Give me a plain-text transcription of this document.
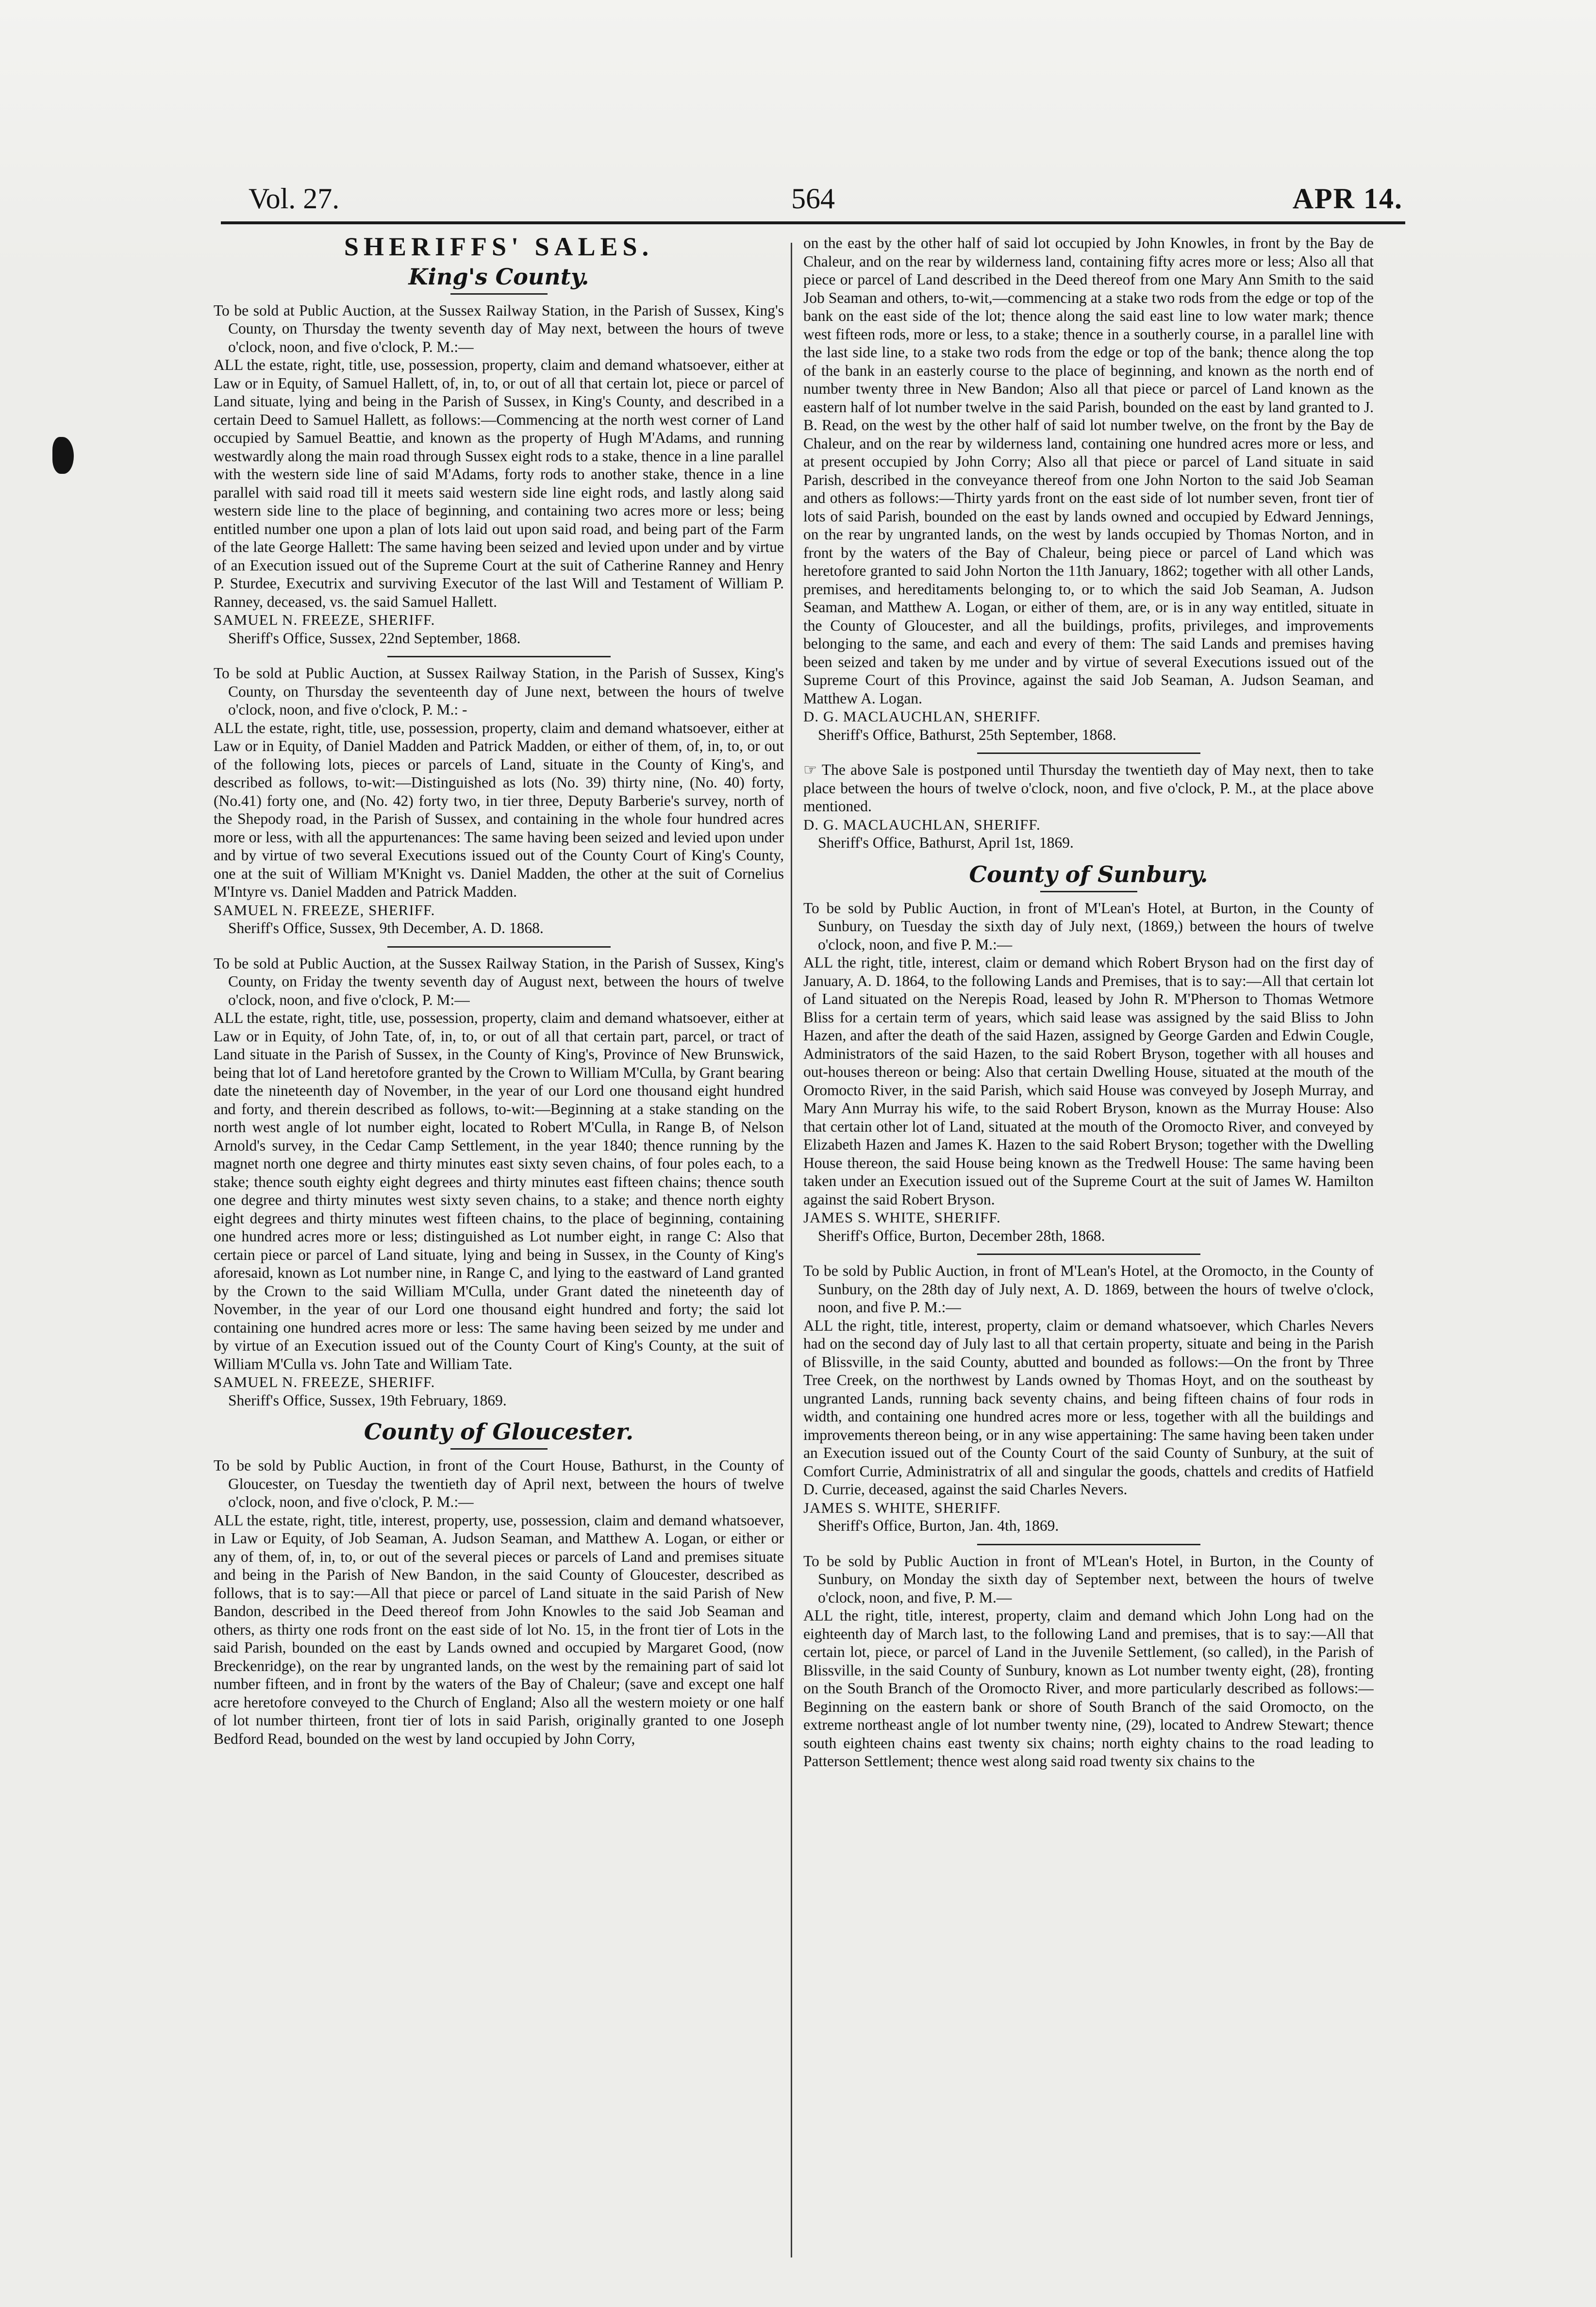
Vol. 27.	564	APR 14.
SHERIFFS' SALES.
King's County.

To be sold at Public Auction, at the Sussex Railway Station, in the Parish of Sussex, King's County, on Thursday the twenty seventh day of May next, between the hours of tweve o'clock, noon, and five o'clock, P. M.:—

ALL the estate, right, title, use, possession, property, claim and demand whatsoever, either at Law or in Equity, of Samuel Hallett, of, in, to, or out of all that certain lot, piece or parcel of Land situate, lying and being in the Parish of Sussex, in King's County, and described in a certain Deed to Samuel Hallett, as follows:—Commencing at the north west corner of Land occupied by Samuel Beattie, and known as the property of Hugh M'Adams, and running westwardly along the main road through Sussex eight rods to a stake, thence in a line parallel with the western side line of said M'Adams, forty rods to another stake, thence in a line parallel with said road till it meets said western side line eight rods, and lastly along said western side line to the place of beginning, and containing two acres more or less; being entitled number one upon a plan of lots laid out upon said road, and being part of the Farm of the late George Hallett: The same having been seized and levied upon under and by virtue of an Execution issued out of the Supreme Court at the suit of Catherine Ranney and Henry P. Sturdee, Executrix and surviving Executor of the last Will and Testament of William P. Ranney, deceased, vs. the said Samuel Hallett.

SAMUEL N. FREEZE, SHERIFF.

Sheriff's Office, Sussex, 22nd September, 1868.

To be sold at Public Auction, at Sussex Railway Station, in the Parish of Sussex, King's County, on Thursday the seventeenth day of June next, between the hours of twelve o'clock, noon, and five o'clock, P. M.: -

ALL the estate, right, title, use, possession, property, claim and demand whatsoever, either at Law or in Equity, of Daniel Madden and Patrick Madden, or either of them, of, in, to, or out of the following lots, pieces or parcels of Land, situate in the County of King's, and described as follows, to-wit:—Distinguished as lots (No. 39) thirty nine, (No. 40) forty, (No.41) forty one, and (No. 42) forty two, in tier three, Deputy Barberie's survey, north of the Shepody road, in the Parish of Sussex, and containing in the whole four hundred acres more or less, with all the appurtenances: The same having been seized and levied upon under and by virtue of two several Executions issued out of the County Court of King's County, one at the suit of William M'Knight vs. Daniel Madden, the other at the suit of Cornelius M'Intyre vs. Daniel Madden and Patrick Madden.

SAMUEL N. FREEZE, SHERIFF.

Sheriff's Office, Sussex, 9th December, A. D. 1868.

To be sold at Public Auction, at the Sussex Railway Station, in the Parish of Sussex, King's County, on Friday the twenty seventh day of August next, between the hours of twelve o'clock, noon, and five o'clock, P. M:—

ALL the estate, right, title, use, possession, property, claim and demand whatsoever, either at Law or in Equity, of John Tate, of, in, to, or out of all that certain part, parcel, or tract of Land situate in the Parish of Sussex, in the County of King's, Province of New Brunswick, being that lot of Land heretofore granted by the Crown to William M'Culla, by Grant bearing date the nineteenth day of November, in the year of our Lord one thousand eight hundred and forty, and therein described as follows, to-wit:—Beginning at a stake standing on the north west angle of lot number eight, located to Robert M'Culla, in Range B, of Nelson Arnold's survey, in the Cedar Camp Settlement, in the year 1840; thence running by the magnet north one degree and thirty minutes east sixty seven chains, of four poles each, to a stake; thence south eighty eight degrees and thirty minutes east fifteen chains; thence south one degree and thirty minutes west sixty seven chains, to a stake; and thence north eighty eight degrees and thirty minutes west fifteen chains, to the place of beginning, containing one hundred acres more or less; distinguished as Lot number eight, in range C: Also that certain piece or parcel of Land situate, lying and being in Sussex, in the County of King's aforesaid, known as Lot number nine, in Range C, and lying to the eastward of Land granted by the Crown to the said William M'Culla, under Grant dated the nineteenth day of November, in the year of our Lord one thousand eight hundred and forty; the said lot containing one hundred acres more or less: The same having been seized by me under and by virtue of an Execution issued out of the County Court of King's County, at the suit of William M'Culla vs. John Tate and William Tate.

SAMUEL N. FREEZE, SHERIFF.

Sheriff's Office, Sussex, 19th February, 1869.

County of Gloucester.

To be sold by Public Auction, in front of the Court House, Bathurst, in the County of Gloucester, on Tuesday the twentieth day of April next, between the hours of twelve o'clock, noon, and five o'clock, P. M.:—

ALL the estate, right, title, interest, property, use, possession, claim and demand whatsoever, in Law or Equity, of Job Seaman, A. Judson Seaman, and Matthew A. Logan, or either or any of them, of, in, to, or out of the several pieces or parcels of Land and premises situate and being in the Parish of New Bandon, in the said County of Gloucester, described as follows, that is to say:—All that piece or parcel of Land situate in the said Parish of New Bandon, described in the Deed thereof from John Knowles to the said Job Seaman and others, as thirty one rods front on the east side of lot No. 15, in the front tier of Lots in the said Parish, bounded on the east by Lands owned and occupied by Margaret Good, (now Breckenridge), on the rear by ungranted lands, on the west by the remaining part of said lot number fifteen, and in front by the waters of the Bay of Chaleur; (save and except one half acre heretofore conveyed to the Church of England; Also all the western moiety or one half of lot number thirteen, front tier of lots in said Parish, originally granted to one Joseph Bedford Read, bounded on the west by land occupied by John Corry,

on the east by the other half of said lot occupied by John Knowles, in front by the Bay de Chaleur, and on the rear by wilderness land, containing fifty acres more or less; Also all that piece or parcel of Land described in the Deed thereof from one Mary Ann Smith to the said Job Seaman and others, to-wit,—commencing at a stake two rods from the edge or top of the bank on the east side of the lot; thence along the said east line to low water mark; thence west fifteen rods, more or less, to a stake; thence in a southerly course, in a parallel line with the last side line, to a stake two rods from the edge or top of the bank; thence along the top of the bank in an easterly course to the place of beginning, and known as the north end of number twenty three in New Bandon; Also all that piece or parcel of Land known as the eastern half of lot number twelve in the said Parish, bounded on the east by land granted to J. B. Read, on the west by the other half of said lot number twelve, on the front by the Bay de Chaleur, and on the rear by wilderness land, containing one hundred acres more or less, and at present occupied by John Corry; Also all that piece or parcel of Land situate in said Parish, described in the conveyance thereof from one John Norton to the said Job Seaman and others as follows:—Thirty yards front on the east side of lot number seven, front tier of lots of said Parish, bounded on the east by lands owned and occupied by Edward Jennings, on the rear by ungranted lands, on the west by lands occupied by Thomas Norton, and in front by the waters of the Bay of Chaleur, being piece or parcel of Land which was heretofore granted to said John Norton the 11th January, 1862; together with all other Lands, premises, and hereditaments belonging to, or to which the said Job Seaman, A. Judson Seaman, and Matthew A. Logan, or either of them, are, or is in any way entitled, situate in the County of Gloucester, and all the buildings, profits, privileges, and improvements belonging to the same, and each and every of them: The said Lands and premises having been seized and taken by me under and by virtue of several Executions issued out of the Supreme Court of this Province, against the said Job Seaman, A. Judson Seaman, and Matthew A. Logan.

D. G. MACLAUCHLAN, SHERIFF.

Sheriff's Office, Bathurst, 25th September, 1868.

☞ The above Sale is postponed until Thursday the twentieth day of May next, then to take place between the hours of twelve o'clock, noon, and five o'clock, P. M., at the place above mentioned.

D. G. MACLAUCHLAN, SHERIFF.

Sheriff's Office, Bathurst, April 1st, 1869.

County of Sunbury.

To be sold by Public Auction, in front of M'Lean's Hotel, at Burton, in the County of Sunbury, on Tuesday the sixth day of July next, (1869,) between the hours of twelve o'clock, noon, and five P. M.:—

ALL the right, title, interest, claim or demand which Robert Bryson had on the first day of January, A. D. 1864, to the following Lands and Premises, that is to say:—All that certain lot of Land situated on the Nerepis Road, leased by John R. M'Pherson to Thomas Wetmore Bliss for a certain term of years, which said lease was assigned by the said Bliss to John Hazen, and after the death of the said Hazen, assigned by George Garden and Edwin Cougle, Administrators of the said Hazen, to the said Robert Bryson, together with all houses and out-houses thereon or being: Also that certain Dwelling House, situated at the mouth of the Oromocto River, in the said Parish, which said House was conveyed by Joseph Murray, and Mary Ann Murray his wife, to the said Robert Bryson, known as the Murray House: Also that certain other lot of Land, situated at the mouth of the Oromocto River, and conveyed by Elizabeth Hazen and James K. Hazen to the said Robert Bryson; together with the Dwelling House thereon, the said House being known as the Tredwell House: The same having been taken under an Execution issued out of the Supreme Court at the suit of James W. Hamilton against the said Robert Bryson.

JAMES S. WHITE, SHERIFF.

Sheriff's Office, Burton, December 28th, 1868.

To be sold by Public Auction, in front of M'Lean's Hotel, at the Oromocto, in the County of Sunbury, on the 28th day of July next, A. D. 1869, between the hours of twelve o'clock, noon, and five P. M.:—

ALL the right, title, interest, property, claim or demand whatsoever, which Charles Nevers had on the second day of July last to all that certain property, situate and being in the Parish of Blissville, in the said County, abutted and bounded as follows:—On the front by Three Tree Creek, on the northwest by Lands owned by Thomas Hoyt, and on the southeast by ungranted Lands, running back seventy chains, and being fifteen chains of four rods in width, and containing one hundred acres more or less, together with all the buildings and improvements thereon being, or in any wise appertaining: The same having been taken under an Execution issued out of the County Court of the said County of Sunbury, at the suit of Comfort Currie, Administratrix of all and singular the goods, chattels and credits of Hatfield D. Currie, deceased, against the said Charles Nevers.

JAMES S. WHITE, SHERIFF.

Sheriff's Office, Burton, Jan. 4th, 1869.

To be sold by Public Auction in front of M'Lean's Hotel, in Burton, in the County of Sunbury, on Monday the sixth day of September next, between the hours of twelve o'clock, noon, and five, P. M.—

ALL the right, title, interest, property, claim and demand which John Long had on the eighteenth day of March last, to the following Land and premises, that is to say:—All that certain lot, piece, or parcel of Land in the Juvenile Settlement, (so called), in the Parish of Blissville, in the said County of Sunbury, known as Lot number twenty eight, (28), fronting on the South Branch of the Oromocto River, and more particularly described as follows:—Beginning on the eastern bank or shore of South Branch of the said Oromocto, on the extreme northeast angle of lot number twenty nine, (29), located to Andrew Stewart; thence south eighteen chains east twenty six chains; north eighty chains to the road leading to Patterson Settlement; thence west along said road twenty six chains to the
